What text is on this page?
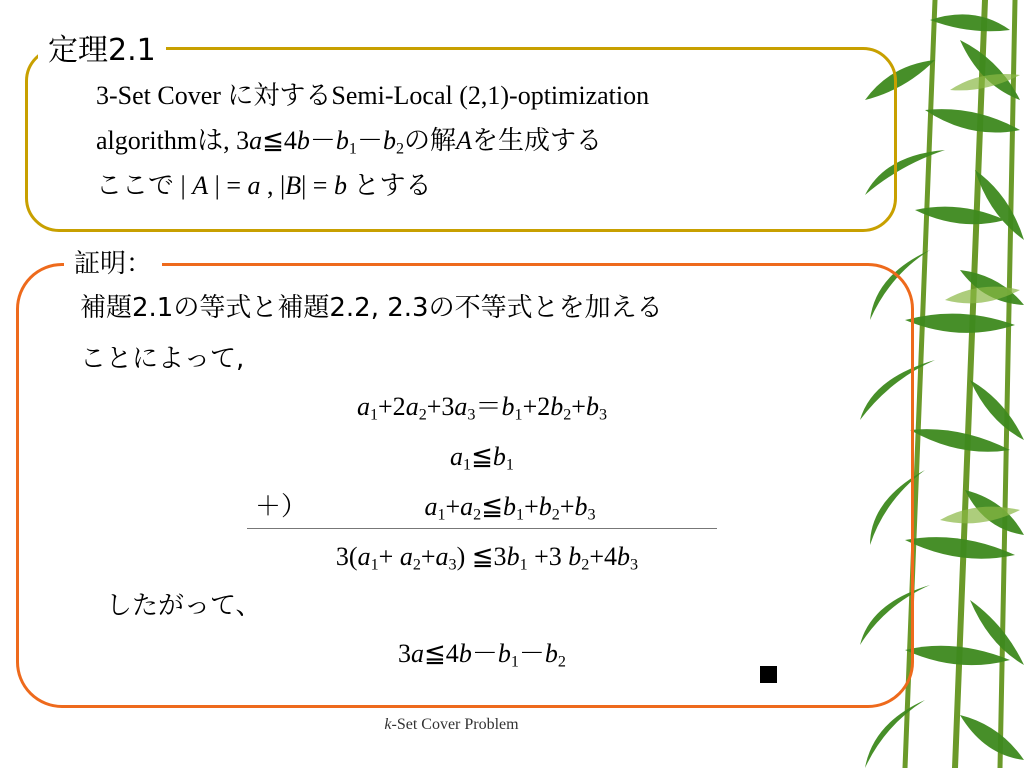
定理2.1
3-Set Cover に対するSemi-Local (2,1)-optimization
algorithmは, $3a≦4b-b_1-b_2$の解Aを生成する
ここで | A | = a , |B| = b とする
証明：
補題2.1の等式と補題2.2, 2.3の不等式とを加える
ことによって,
$a_1+2a_2+3a_3=b_1+2b_2+b_3$
$a_1≦b_1$
＋）	$a_1+a_2≦b_1+b_2+b_3$
$3(a_1+ a_2+a_3)$ $≦3b_1 +3$ $b_2+4b_3$
したがって、
$3a≦4b-b_1-b_2$
k-Set Cover Problem
